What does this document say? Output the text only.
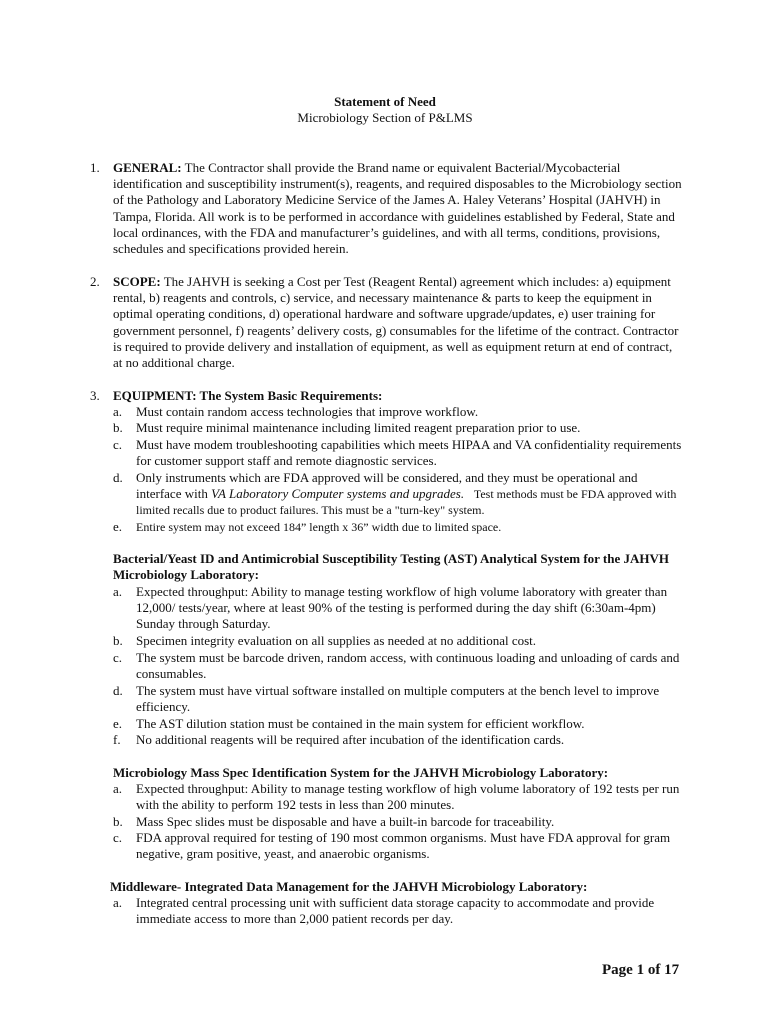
Statement of Need
Microbiology Section of P&LMS
1. GENERAL: The Contractor shall provide the Brand name or equivalent Bacterial/Mycobacterial identification and susceptibility instrument(s), reagents, and required disposables to the Microbiology section of the Pathology and Laboratory Medicine Service of the James A. Haley Veterans’ Hospital (JAHVH) in Tampa, Florida. All work is to be performed in accordance with guidelines established by Federal, State and local ordinances, with the FDA and manufacturer’s guidelines, and with all terms, conditions, provisions, schedules and specifications provided herein.
2. SCOPE: The JAHVH is seeking a Cost per Test (Reagent Rental) agreement which includes: a) equipment rental, b) reagents and controls, c) service, and necessary maintenance & parts to keep the equipment in optimal operating conditions, d) operational hardware and software upgrade/updates, e) user training for government personnel, f) reagents’ delivery costs, g) consumables for the lifetime of the contract. Contractor is required to provide delivery and installation of equipment, as well as equipment return at end of contract, at no additional charge.
3. EQUIPMENT: The System Basic Requirements:
a. Must contain random access technologies that improve workflow.
b. Must require minimal maintenance including limited reagent preparation prior to use.
c. Must have modem troubleshooting capabilities which meets HIPAA and VA confidentiality requirements for customer support staff and remote diagnostic services.
d. Only instruments which are FDA approved will be considered, and they must be operational and interface with VA Laboratory Computer systems and upgrades. Test methods must be FDA approved with limited recalls due to product failures. This must be a "turn-key" system.
e. Entire system may not exceed 184” length x 36” width due to limited space.
Bacterial/Yeast ID and Antimicrobial Susceptibility Testing (AST) Analytical System for the JAHVH Microbiology Laboratory:
a. Expected throughput: Ability to manage testing workflow of high volume laboratory with greater than 12,000/ tests/year, where at least 90% of the testing is performed during the day shift (6:30am-4pm) Sunday through Saturday.
b. Specimen integrity evaluation on all supplies as needed at no additional cost.
c. The system must be barcode driven, random access, with continuous loading and unloading of cards and consumables.
d. The system must have virtual software installed on multiple computers at the bench level to improve efficiency.
e. The AST dilution station must be contained in the main system for efficient workflow.
f. No additional reagents will be required after incubation of the identification cards.
Microbiology Mass Spec Identification System for the JAHVH Microbiology Laboratory:
a. Expected throughput: Ability to manage testing workflow of high volume laboratory of 192 tests per run with the ability to perform 192 tests in less than 200 minutes.
b. Mass Spec slides must be disposable and have a built-in barcode for traceability.
c. FDA approval required for testing of 190 most common organisms. Must have FDA approval for gram negative, gram positive, yeast, and anaerobic organisms.
Middleware- Integrated Data Management for the JAHVH Microbiology Laboratory:
a. Integrated central processing unit with sufficient data storage capacity to accommodate and provide immediate access to more than 2,000 patient records per day.
Page 1 of 17
